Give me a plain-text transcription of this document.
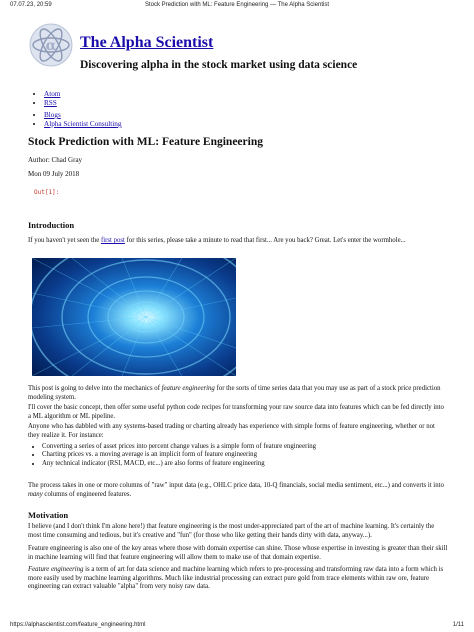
07.07.23, 20:59	Stock Prediction with ML: Feature Engineering — The Alpha Scientist
α The Alpha Scientist
Discovering alpha in the stock market using data science
• Atom
• RSS
• Blogs
• Alpha Scientist Consulting
Stock Prediction with ML: Feature Engineering
Author: Chad Gray
Mon 09 July 2018
Out[1]:
Introduction

If you haven't yet seen the first post for this series, please take a minute to read that first... Are you back? Great. Let's enter the wormhole...

This post is going to delve into the mechanics of feature engineering for the sorts of time series data that you may use as part of a stock price prediction modeling system.

I'll cover the basic concept, then offer some useful python code recipes for transforming your raw source data into features which can be fed directly into a ML algorithm or ML pipeline.

Anyone who has dabbled with any systems-based trading or charting already has experience with simple forms of feature engineering, whether or not they realize it. For instance:

• Converting a series of asset prices into percent change values is a simple form of feature engineering
• Charting prices vs. a moving average is an implicit form of feature engineering
• Any technical indicator (RSI, MACD, etc...) are also forms of feature engineering

The process takes in one or more columns of "raw" input data (e.g., OHLC price data, 10-Q financials, social media sentiment, etc...) and converts it into many columns of engineered features.

Motivation

I believe (and I don't think I'm alone here!) that feature engineering is the most under-appreciated part of the art of machine learning. It's certainly the most time consuming and tedious, but it's creative and "fun" (for those who like getting their hands dirty with data, anyway...).

Feature engineering is also one of the key areas where those with domain expertise can shine. Those whose expertise in investing is greater than their skill in machine learning will find that feature engineering will allow them to make use of that domain expertise.

Feature engineering is a term of art for data science and machine learning which refers to pre-processing and transforming raw data into a form which is more easily used by machine learning algorithms. Much like industrial processing can extract pure gold from trace elements within raw ore, feature engineering can extract valuable "alpha" from very noisy raw data.

https://alphascientist.com/feature_engineering.html	1/11
